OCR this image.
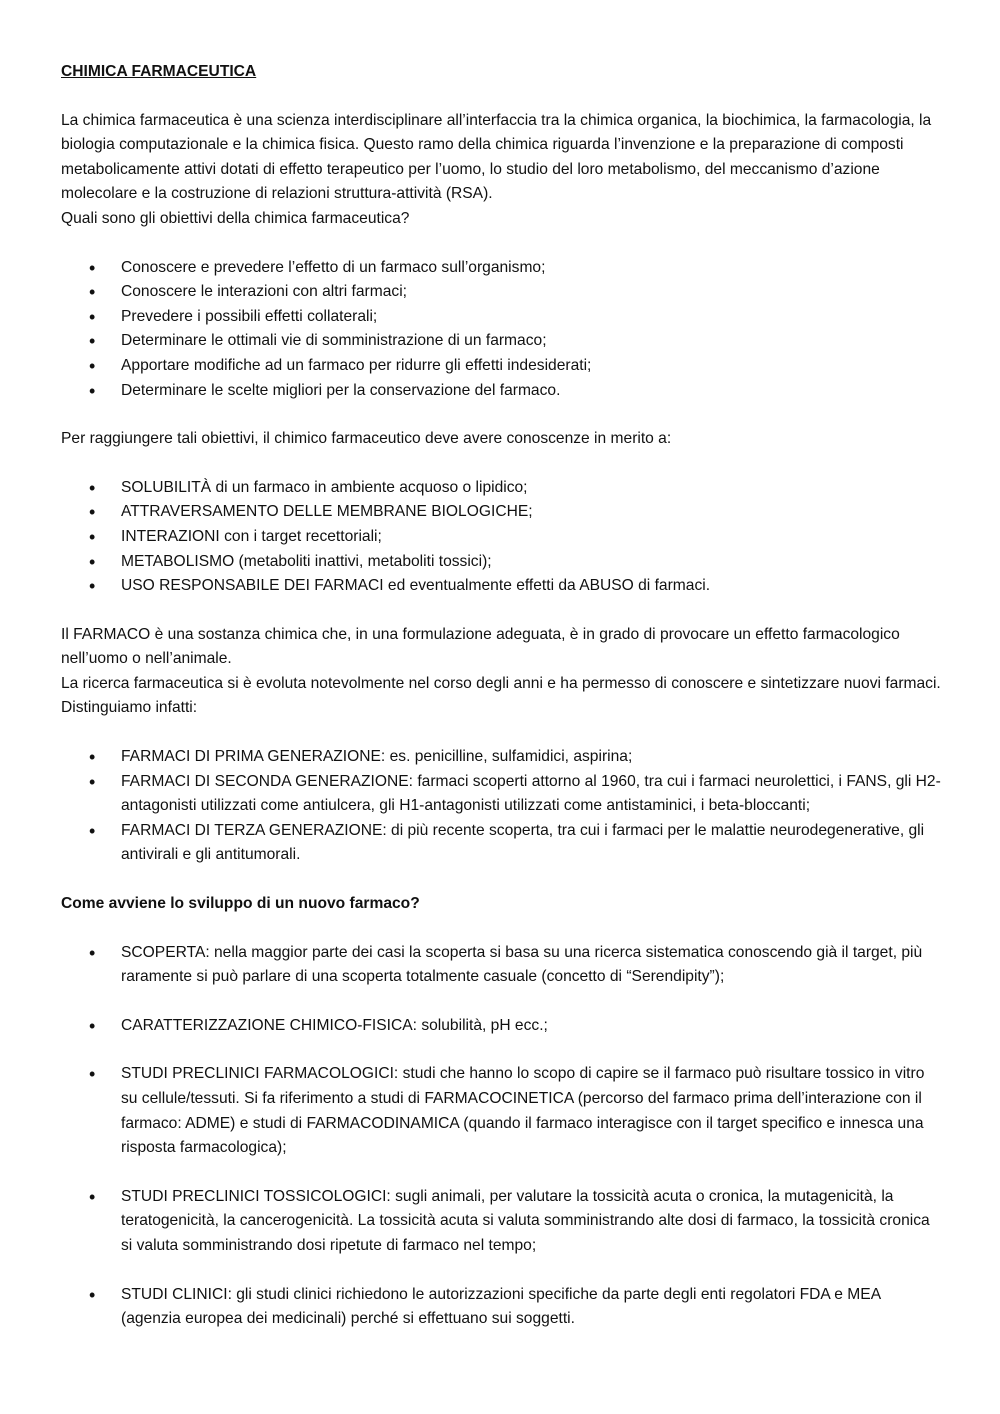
CHIMICA FARMACEUTICA

La chimica farmaceutica è una scienza interdisciplinare all’interfaccia tra la chimica organica, la biochimica, la farmacologia, la biologia computazionale e la chimica fisica. Questo ramo della chimica riguarda l’invenzione e la preparazione di composti metabolicamente attivi dotati di effetto terapeutico per l’uomo, lo studio del loro metabolismo, del meccanismo d’azione molecolare e la costruzione di relazioni struttura-attività (RSA).

Quali sono gli obiettivi della chimica farmaceutica?

• Conoscere e prevedere l’effetto di un farmaco sull’organismo;
• Conoscere le interazioni con altri farmaci;
• Prevedere i possibili effetti collaterali;
• Determinare le ottimali vie di somministrazione di un farmaco;
• Apportare modifiche ad un farmaco per ridurre gli effetti indesiderati;
• Determinare le scelte migliori per la conservazione del farmaco.

Per raggiungere tali obiettivi, il chimico farmaceutico deve avere conoscenze in merito a:

• SOLUBILITÀ di un farmaco in ambiente acquoso o lipidico;
• ATTRAVERSAMENTO DELLE MEMBRANE BIOLOGICHE;
• INTERAZIONI con i target recettoriali;
• METABOLISMO (metaboliti inattivi, metaboliti tossici);
• USO RESPONSABILE DEI FARMACI ed eventualmente effetti da ABUSO di farmaci.

Il FARMACO è una sostanza chimica che, in una formulazione adeguata, è in grado di provocare un effetto farmacologico nell’uomo o nell’animale.

La ricerca farmaceutica si è evoluta notevolmente nel corso degli anni e ha permesso di conoscere e sintetizzare nuovi farmaci. Distinguiamo infatti:

• FARMACI DI PRIMA GENERAZIONE: es. penicilline, sulfamidici, aspirina;
• FARMACI DI SECONDA GENERAZIONE: farmaci scoperti attorno al 1960, tra cui i farmaci neurolettici, i FANS, gli H2-antagonisti utilizzati come antiulcera, gli H1-antagonisti utilizzati come antistaminici, i beta-bloccanti;
• FARMACI DI TERZA GENERAZIONE: di più recente scoperta, tra cui i farmaci per le malattie neurodegenerative, gli antivirali e gli antitumorali.

Come avviene lo sviluppo di un nuovo farmaco?

• SCOPERTA: nella maggior parte dei casi la scoperta si basa su una ricerca sistematica conoscendo già il target, più raramente si può parlare di una scoperta totalmente casuale (concetto di “Serendipity”);
• CARATTERIZZAZIONE CHIMICO-FISICA: solubilità, pH ecc.;
• STUDI PRECLINICI FARMACOLOGICI: studi che hanno lo scopo di capire se il farmaco può risultare tossico in vitro su cellule/tessuti. Si fa riferimento a studi di FARMACOCINETICA (percorso del farmaco prima dell’interazione con il farmaco: ADME) e studi di FARMACODINAMICA (quando il farmaco interagisce con il target specifico e innesca una risposta farmacologica);
• STUDI PRECLINICI TOSSICOLOGICI: sugli animali, per valutare la tossicità acuta o cronica, la mutagenicità, la teratogenicità, la cancerogenicità. La tossicità acuta si valuta somministrando alte dosi di farmaco, la tossicità cronica si valuta somministrando dosi ripetute di farmaco nel tempo;
• STUDI CLINICI: gli studi clinici richiedono le autorizzazioni specifiche da parte degli enti regolatori FDA e MEA (agenzia europea dei medicinali) perché si effettuano sui soggetti.
